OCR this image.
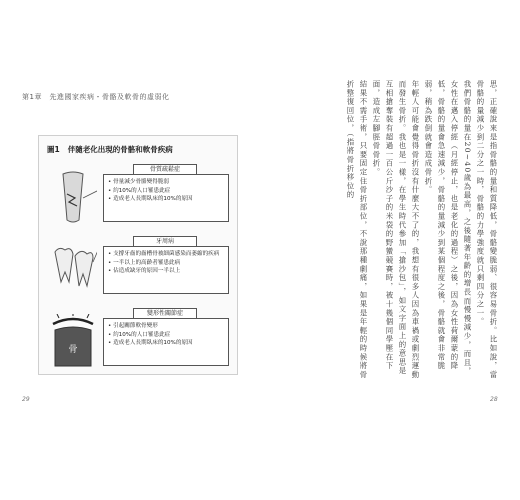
第1章　先進國家疾病・骨骼及軟骨的虛弱化
圖1 伴隨老化出現的骨骼和軟骨疾病
骨質疏鬆症
• 骨量減少骨骼變得脆弱
• 約10%的人口罹患此症
• 造成老人長期臥床的10%的原因
牙周病
• 支撐牙齒的齒槽骨被細菌感染而萎縮的疾病
• 一半以上的高齡者罹患此病
• 佔造成缺牙的原因一半以上
骨
變形性關節症
• 引起關節軟骨變形
• 約10%的人口罹患此症
• 造成老人長期臥床的10%的原因
29
思，正確說來是指骨骼的量和質降低，骨骼變脆弱、很容易骨折。比如說，當骨骼的量減少到二分之一時，骨骼的力學強度就只剩四分之一。
我們骨骼的量在20~40歲為最高，之後隨著年齡的增長而慢慢減少，而且，女性在邁入停經（月經停止，也是老化的過程）之後，因為女性荷爾蒙的降低，骨骼的量會急速減少，骨骼的量減少到某個程度之後，骨骼就會非常脆弱，稍為跌倒就會造成骨折。
年輕人可能會覺得骨折沒有什麼大不了的，我想有很多人因為車禍或劇烈運動而發生骨折。我也是一樣，在學生時代參加「搶沙包」，如文字面上的意思是互相搶奪裝有超過一百公斤沙子的米袋的野蠻競賽時，被十幾個同學壓在下面，造成左腳脛骨骨折。
結果不需手術，只要固定住骨折部位，不說那種劇痛，如果是年輕的時候將骨折整復回位，（指將骨折移位的
28
